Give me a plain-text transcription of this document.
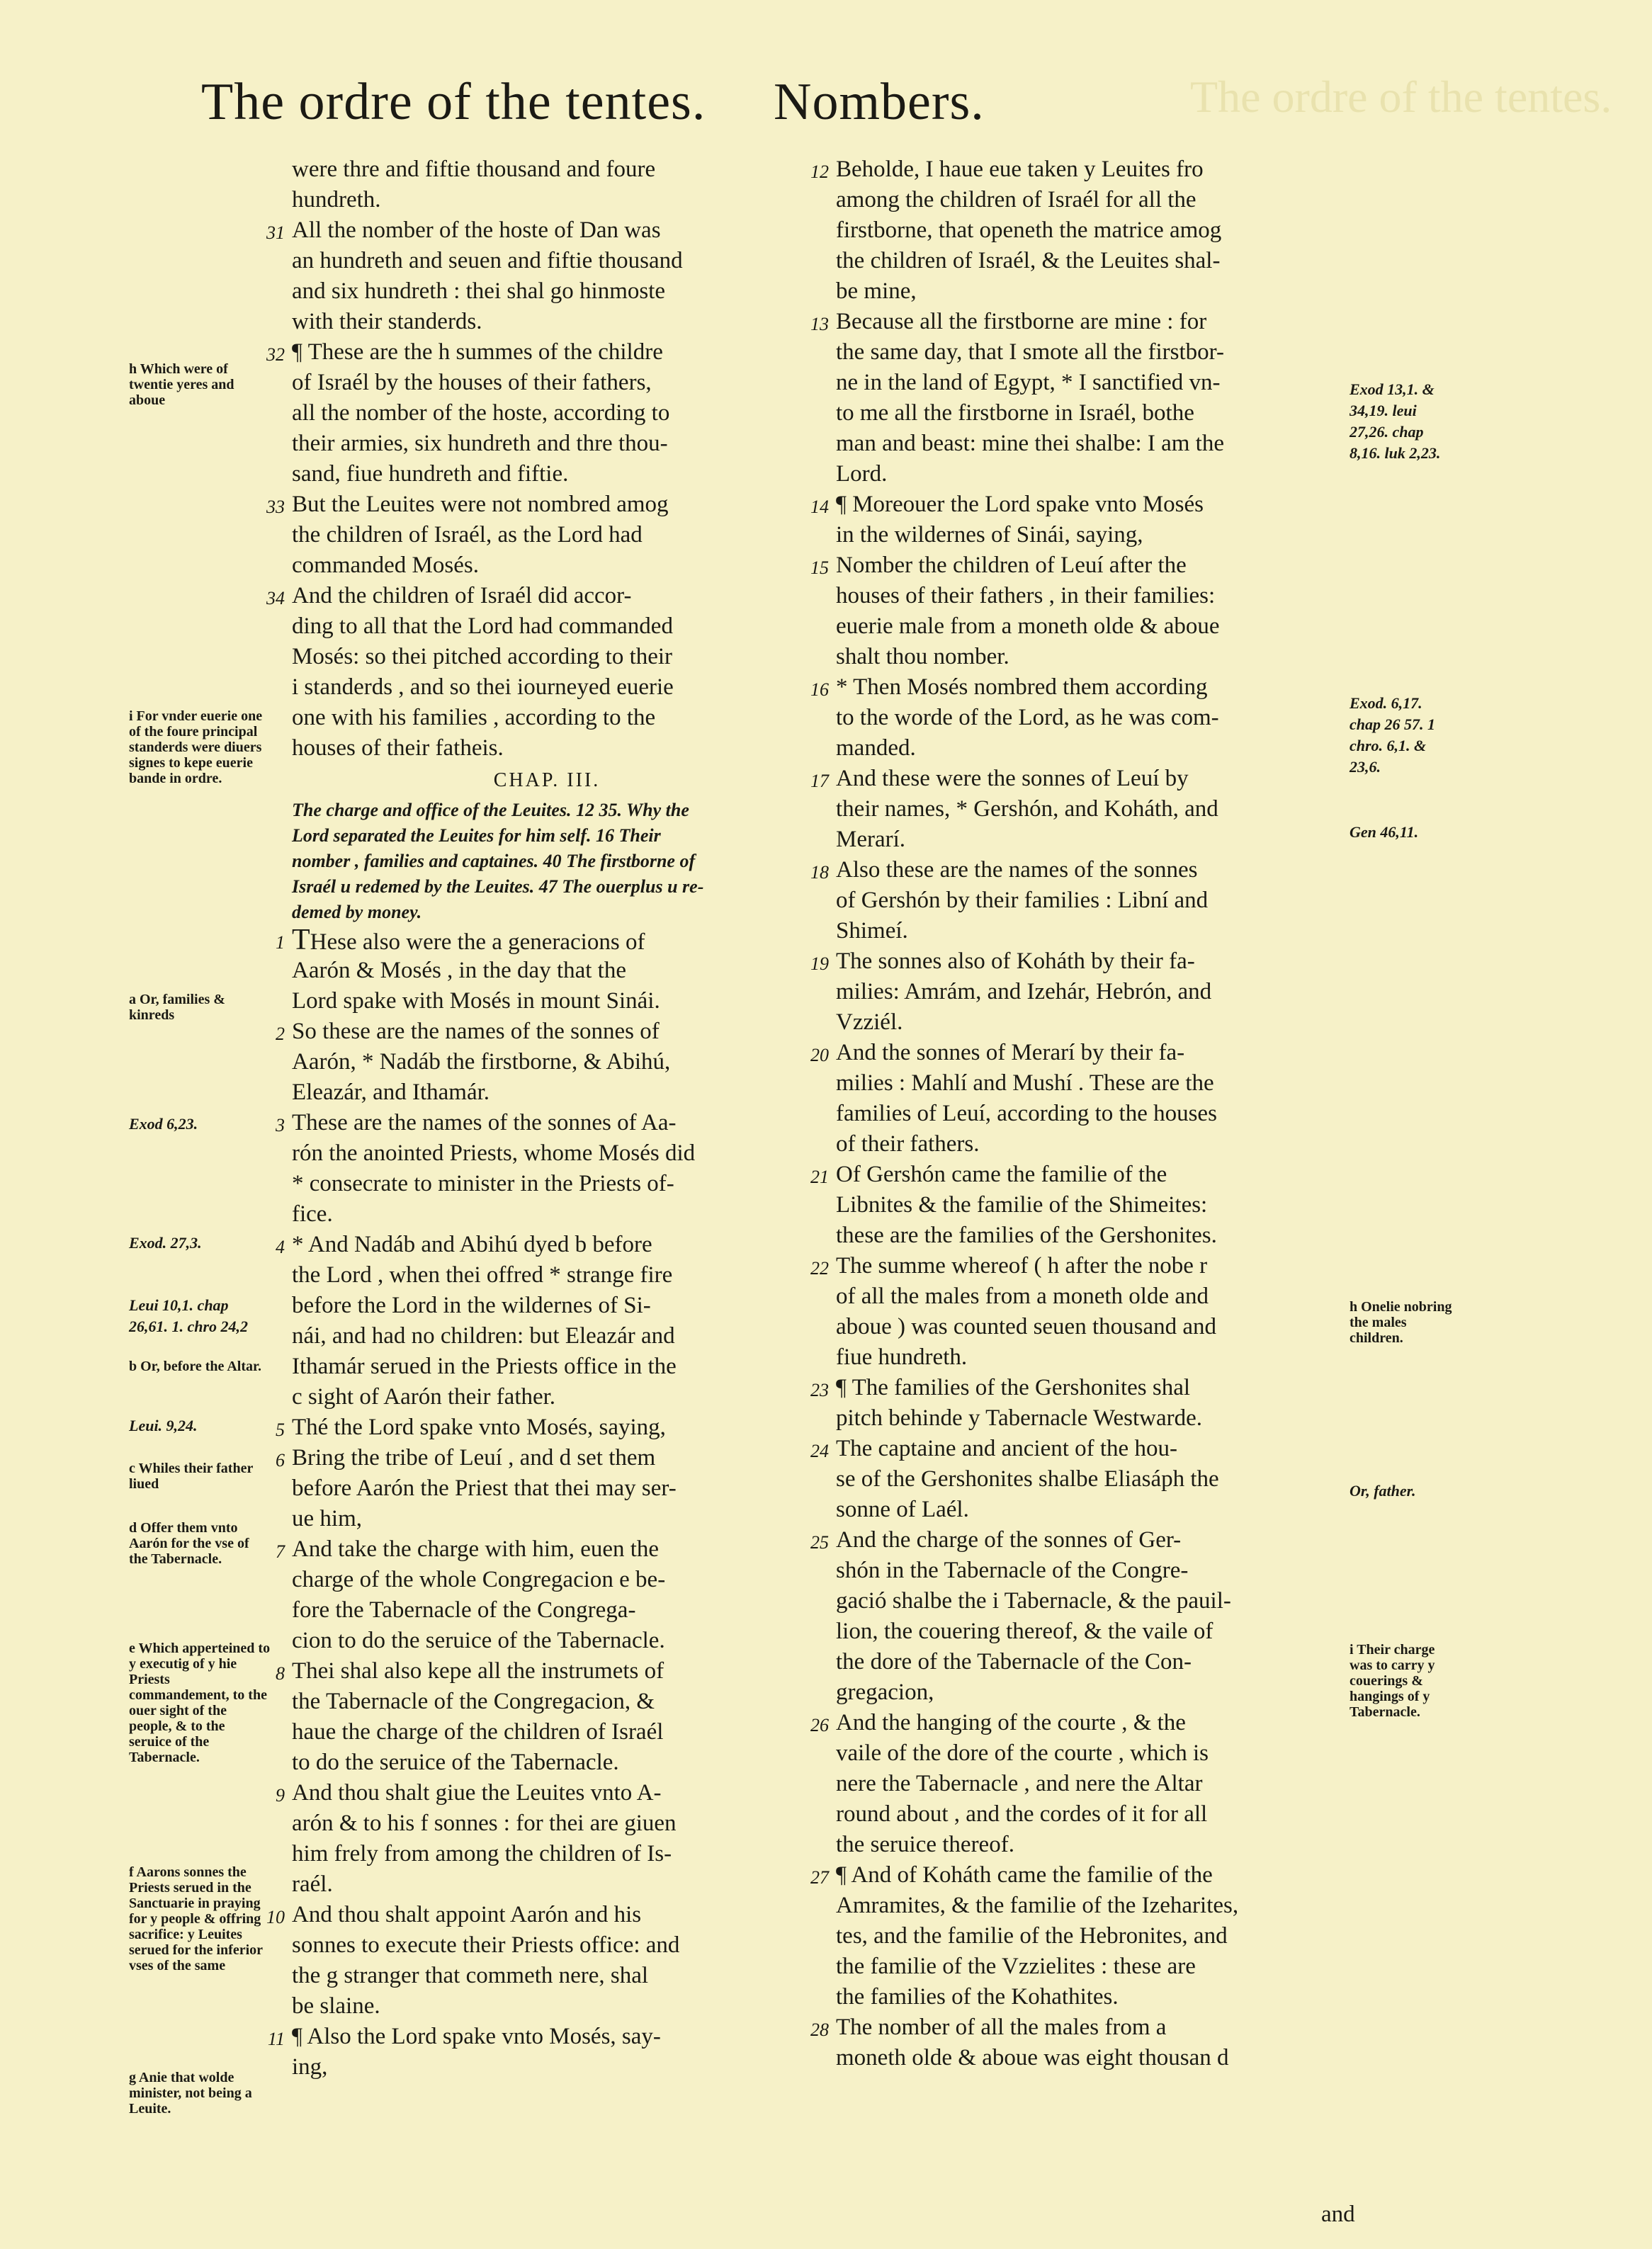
The ordre of the tentes.
The ordre of the tentes. Nombers.
were thre and fiftie thousand and foure
hundreth.
31 All the nomber of the hoste of Dan was
an hundreth and seuen and fiftie thousand
and six hundreth : thei shal go hinmoste
with their standerds.
32 ¶ These are the h summes of the childre
of Israél by the houses of their fathers,
all the nomber of the hoste, according to
their armies, six hundreth and thre thou-
sand, fiue hundreth and fiftie.
33 But the Leuites were not nombred amog
the children of Israél, as the Lord had
commanded Mosés.
34 And the children of Israél did accor-
ding to all that the Lord had commanded
Mosés: so thei pitched according to their
i standerds , and so thei iourneyed euerie
one with his families , according to the
houses of their fatheis.
CHAP. III.
The charge and office of the Leuites. 12 35. Why the
Lord separated the Leuites for him self. 16 Their
nomber , families and captaines. 40 The firstborne of
Israél u redemed by the Leuites. 47 The ouerplus u re-
demed by money.
1 THese also were the a generacions of
Aarón & Mosés , in the day that the
Lord spake with Mosés in mount Sinái.
2 So these are the names of the sonnes of
Aarón, * Nadáb the firstborne, & Abihú,
Eleazár, and Ithamár.
3 These are the names of the sonnes of Aa-
rón the anointed Priests, whome Mosés did
* consecrate to minister in the Priests of-
fice.
4 * And Nadáb and Abihú dyed b before
the Lord , when thei offred * strange fire
before the Lord in the wildernes of Si-
nái, and had no children: but Eleazár and
Ithamár serued in the Priests office in the
c sight of Aarón their father.
5 Thé the Lord spake vnto Mosés, saying,
6 Bring the tribe of Leuí , and d set them
before Aarón the Priest that thei may ser-
ue him,
7 And take the charge with him, euen the
charge of the whole Congregacion e be-
fore the Tabernacle of the Congrega-
cion to do the seruice of the Tabernacle.
8 Thei shal also kepe all the instrumets of
the Tabernacle of the Congregacion, &
haue the charge of the children of Israél
to do the seruice of the Tabernacle.
9 And thou shalt giue the Leuites vnto A-
arón & to his f sonnes : for thei are giuen
him frely from among the children of Is-
raél.
10 And thou shalt appoint Aarón and his
sonnes to execute their Priests office: and
the g stranger that commeth nere, shal
be slaine.
11 ¶ Also the Lord spake vnto Mosés, say-
ing,
12 Beholde, I haue eue taken y Leuites fro
among the children of Israél for all the
firstborne, that openeth the matrice amog
the children of Israél, & the Leuites shal-
be mine,
13 Because all the firstborne are mine : for
the same day, that I smote all the firstbor-
ne in the land of Egypt, * I sanctified vn-
to me all the firstborne in Israél, bothe
man and beast: mine thei shalbe: I am the
Lord.
14 ¶ Moreouer the Lord spake vnto Mosés
in the wildernes of Sinái, saying,
15 Nomber the children of Leuí after the
houses of their fathers , in their families:
euerie male from a moneth olde & aboue
shalt thou nomber.
16 * Then Mosés nombred them according
to the worde of the Lord, as he was com-
manded.
17 And these were the sonnes of Leuí by
their names, * Gershón, and Koháth, and
Merarí.
18 Also these are the names of the sonnes
of Gershón by their families : Libní and
Shimeí.
19 The sonnes also of Koháth by their fa-
milies: Amrám, and Izehár, Hebrón, and
Vzziél.
20 And the sonnes of Merarí by their fa-
milies : Mahlí and Mushí . These are the
families of Leuí, according to the houses
of their fathers.
21 Of Gershón came the familie of the
Libnites & the familie of the Shimeites:
these are the families of the Gershonites.
22 The summe whereof ( h after the nobe r
of all the males from a moneth olde and
aboue ) was counted seuen thousand and
fiue hundreth.
23 ¶ The families of the Gershonites shal
pitch behinde y Tabernacle Westwarde.
24 The captaine and ancient of the hou-
se of the Gershonites shalbe Eliasáph the
sonne of Laél.
25 And the charge of the sonnes of Ger-
shón in the Tabernacle of the Congre-
gació shalbe the i Tabernacle, & the pauil-
lion, the couering thereof, & the vaile of
the dore of the Tabernacle of the Con-
gregacion,
26 And the hanging of the courte , & the
vaile of the dore of the courte , which is
nere the Tabernacle , and nere the Altar
round about , and the cordes of it for all
the seruice thereof.
27 ¶ And of Koháth came the familie of the
Amramites, & the familie of the Izeharites,
tes, and the familie of the Hebronites, and
the familie of the Vzzielites : these are
the families of the Kohathites.
28 The nomber of all the males from a
moneth olde & aboue was eight thousan d
h Which were of twentie yeres and aboue
i For vnder euerie one of the foure principal standerds were diuers signes to kepe euerie bande in ordre.
a Or, families & kinreds
Exod 6,23.
Exod. 27,3.
Leui 10,1. chap 26,61. 1. chro 24,2
b Or, before the Altar.
Leui. 9,24.
c Whiles their father liued
d Offer them vnto Aarón for the vse of the Tabernacle.
e Which apperteined to y executig of y hie Priests commandement, to the ouer sight of the people, & to the seruice of the Tabernacle.
f Aarons sonnes the Priests serued in the Sanctuarie in praying for y people & offring sacrifice: y Leuites serued for the inferior vses of the same
g Anie that wolde minister, not being a Leuite.
Exod 13,1. & 34,19. leui 27,26. chap 8,16. luk 2,23.
Exod. 6,17. chap 26 57. 1 chro. 6,1. & 23,6.
Gen 46,11.
h Onelie nobring the males children.
Or, father.
i Their charge was to carry y couerings & hangings of y Tabernacle.
and
